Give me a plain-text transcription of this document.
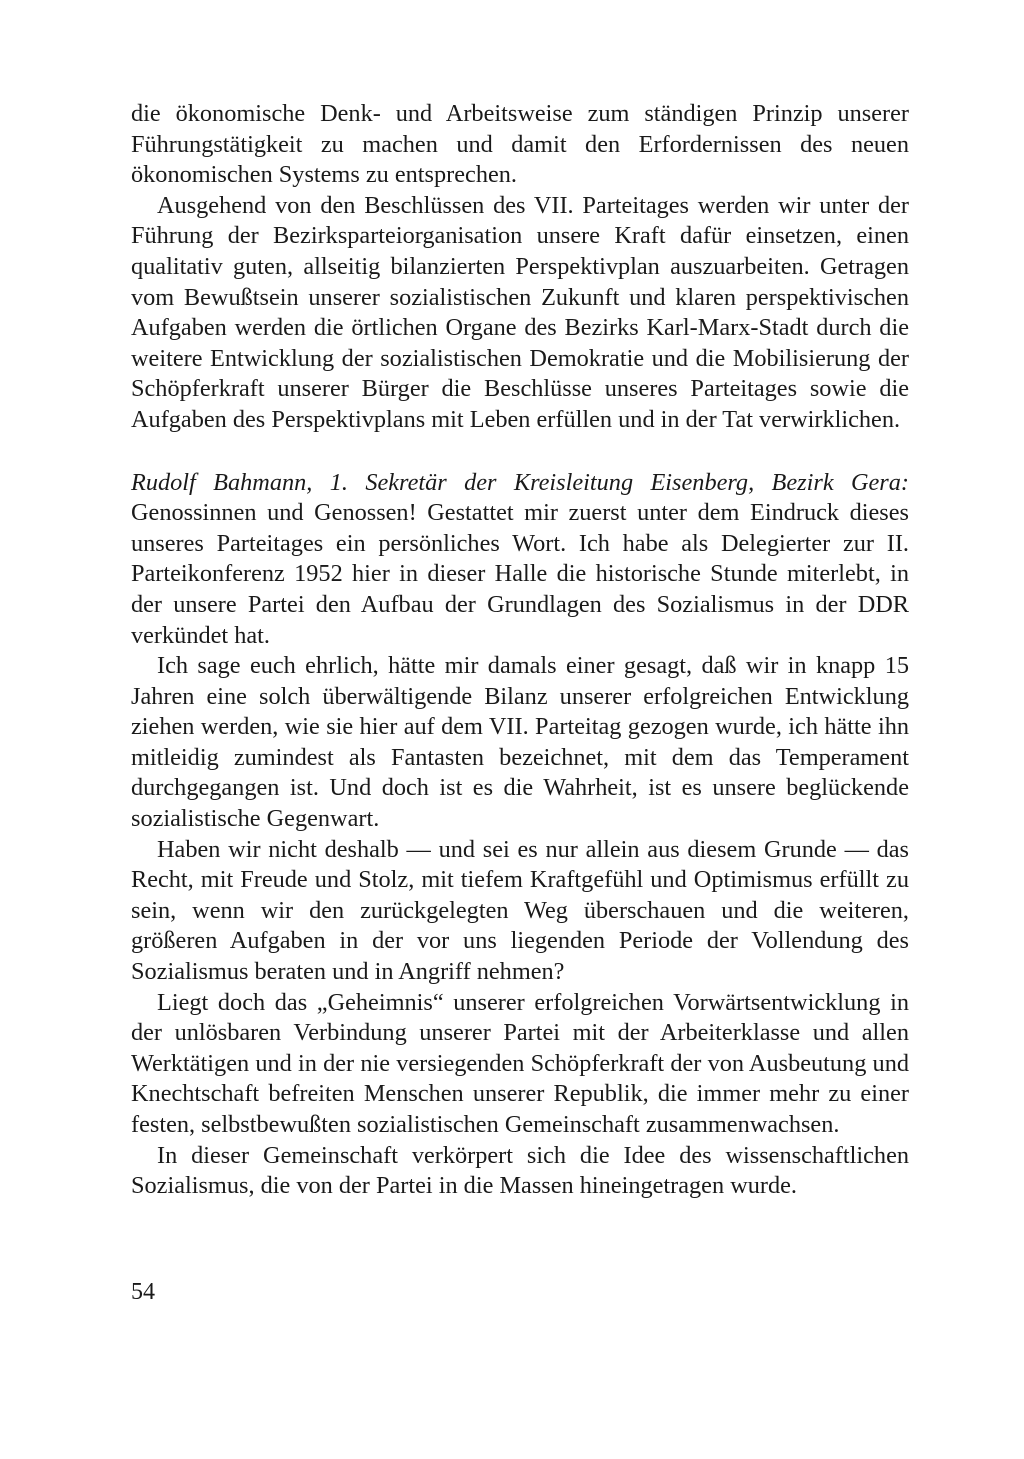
die ökonomische Denk- und Arbeitsweise zum ständigen Prinzip unserer Führungstätigkeit zu machen und damit den Erfordernissen des neuen ökonomischen Systems zu entsprechen.

Ausgehend von den Beschlüssen des VII. Parteitages werden wir unter der Führung der Bezirksparteiorganisation unsere Kraft dafür einsetzen, einen qualitativ guten, allseitig bilanzierten Perspektivplan auszuarbeiten. Getragen vom Bewußtsein unserer sozialistischen Zukunft und klaren perspektivischen Aufgaben werden die örtlichen Organe des Bezirks Karl-Marx-Stadt durch die weitere Entwicklung der sozialistischen Demokratie und die Mobilisierung der Schöpferkraft unserer Bürger die Beschlüsse unseres Parteitages sowie die Aufgaben des Perspektivplans mit Leben erfüllen und in der Tat verwirklichen.

Rudolf Bahmann, 1. Sekretär der Kreisleitung Eisenberg, Bezirk Gera: Genossinnen und Genossen! Gestattet mir zuerst unter dem Eindruck dieses unseres Parteitages ein persönliches Wort. Ich habe als Delegierter zur II. Parteikonferenz 1952 hier in dieser Halle die historische Stunde miterlebt, in der unsere Partei den Aufbau der Grundlagen des Sozialismus in der DDR verkündet hat.

Ich sage euch ehrlich, hätte mir damals einer gesagt, daß wir in knapp 15 Jahren eine solch überwältigende Bilanz unserer erfolgreichen Entwicklung ziehen werden, wie sie hier auf dem VII. Parteitag gezogen wurde, ich hätte ihn mitleidig zumindest als Fantasten bezeichnet, mit dem das Temperament durchgegangen ist. Und doch ist es die Wahrheit, ist es unsere beglückende sozialistische Gegenwart.

Haben wir nicht deshalb — und sei es nur allein aus diesem Grunde — das Recht, mit Freude und Stolz, mit tiefem Kraftgefühl und Optimismus erfüllt zu sein, wenn wir den zurückgelegten Weg überschauen und die weiteren, größeren Aufgaben in der vor uns liegenden Periode der Vollendung des Sozialismus beraten und in Angriff nehmen?

Liegt doch das „Geheimnis“ unserer erfolgreichen Vorwärtsentwicklung in der unlösbaren Verbindung unserer Partei mit der Arbeiterklasse und allen Werktätigen und in der nie versiegenden Schöpferkraft der von Ausbeutung und Knechtschaft befreiten Menschen unserer Republik, die immer mehr zu einer festen, selbstbewußten sozialistischen Gemeinschaft zusammenwachsen.

In dieser Gemeinschaft verkörpert sich die Idee des wissenschaftlichen Sozialismus, die von der Partei in die Massen hineingetragen wurde.

54
